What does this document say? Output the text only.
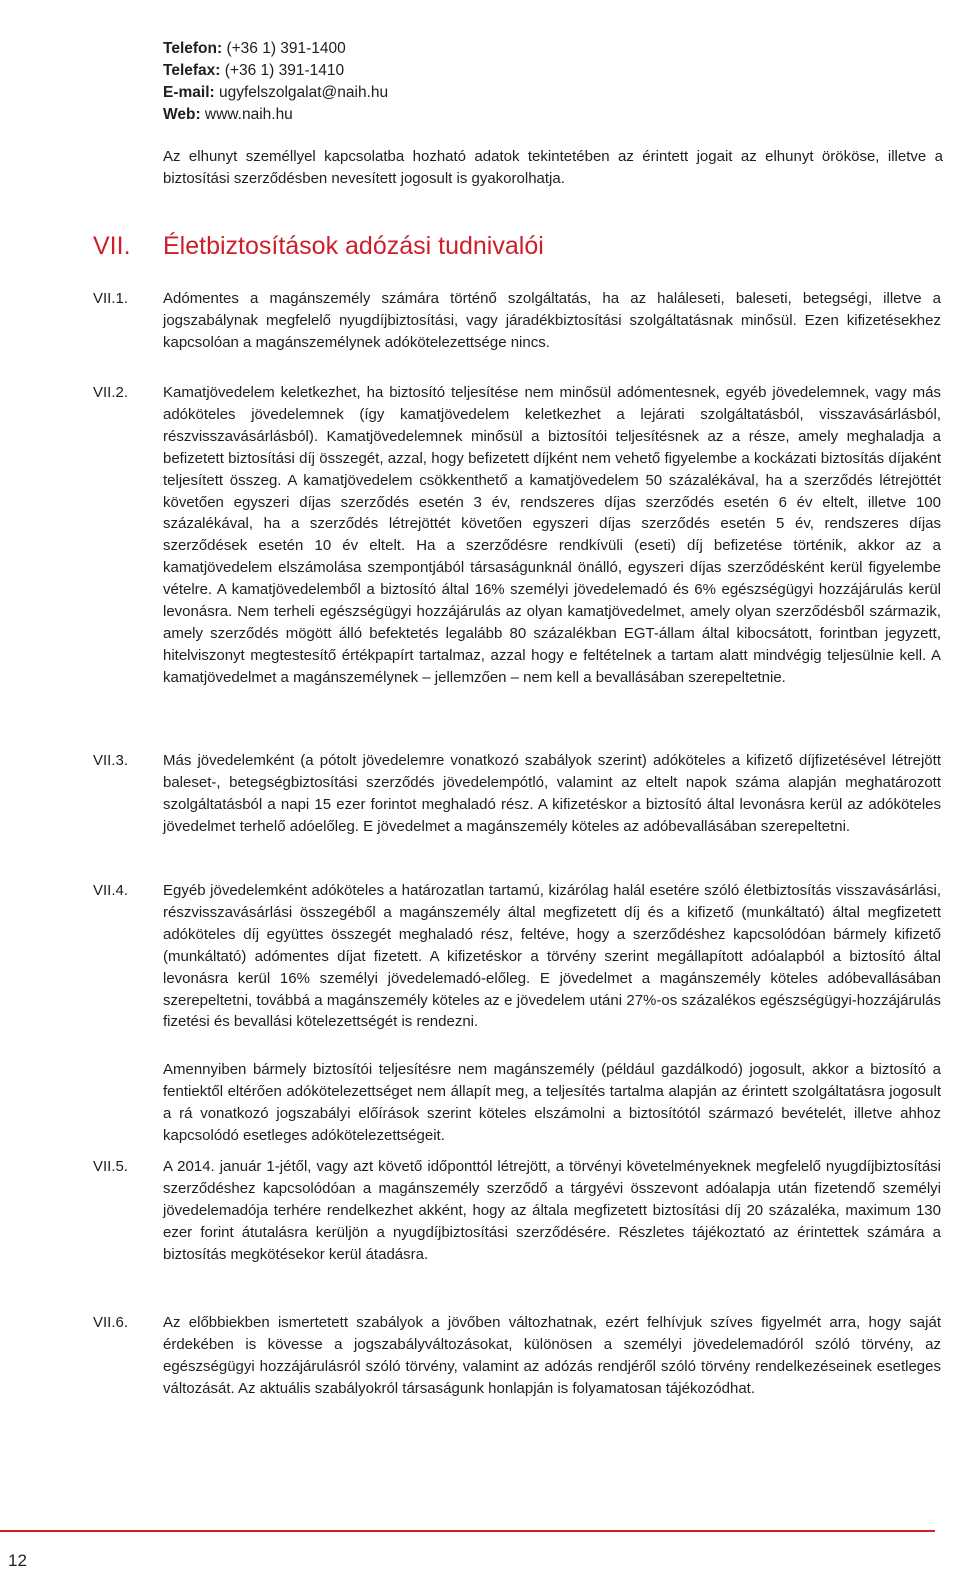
Telefon: (+36 1) 391-1400
Telefax: (+36 1) 391-1410
E-mail: ugyfelszolgalat@naih.hu
Web: www.naih.hu

Az elhunyt személlyel kapcsolatba hozható adatok tekintetében az érintett jogait az elhunyt örököse, illetve a biztosítási szerződésben nevesített jogosult is gyakorolhatja.

VII. Életbiztosítások adózási tudnivalói
VII.1. Adómentes a magánszemély számára történő szolgáltatás, ha az haláleseti, baleseti, betegségi, illetve a jogszabálynak megfelelő nyugdíjbiztosítási, vagy járadékbiztosítási szolgáltatásnak minősül. Ezen kifizetésekhez kapcsolóan a magánszemélynek adókötelezettsége nincs.

VII.2. Kamatjövedelem keletkezhet, ha biztosító teljesítése nem minősül adómentesnek, egyéb jövedelemnek, vagy más adóköteles jövedelemnek (így kamatjövedelem keletkezhet a lejárati szolgáltatásból, visszavásárlásból, részvisszavásárlásból). Kamatjövedelemnek minősül a biztosítói teljesítésnek az a része, amely meghaladja a befizetett biztosítási díj összegét, azzal, hogy befizetett díjként nem vehető figyelembe a kockázati biztosítás díjaként teljesített összeg. A kamatjövedelem csökkenthető a kamatjövedelem 50 százalékával, ha a szerződés létrejöttét követően egyszeri díjas szerződés esetén 3 év, rendszeres díjas szerződés esetén 6 év eltelt, illetve 100 százalékával, ha a szerződés létrejöttét követően egyszeri díjas szerződés esetén 5 év, rendszeres díjas szerződések esetén 10 év eltelt. Ha a szerződésre rendkívüli (eseti) díj befizetése történik, akkor az a kamatjövedelem elszámolása szempontjából társaságunknál önálló, egyszeri díjas szerződésként kerül figyelembe vételre. A kamatjövedelemből a biztosító által 16% személyi jövedelemadó és 6% egészségügyi hozzájárulás kerül levonásra. Nem terheli egészségügyi hozzájárulás az olyan kamatjövedelmet, amely olyan szerződésből származik, amely szerződés mögött álló befektetés legalább 80 százalékban EGT-állam által kibocsátott, forintban jegyzett, hitelviszonyt megtestesítő értékpapírt tartalmaz, azzal hogy e feltételnek a tartam alatt mindvégig teljesülnie kell. A kamatjövedelmet a magánszemélynek – jellemzően – nem kell a bevallásában szerepeltetnie.

VII.3. Más jövedelemként (a pótolt jövedelemre vonatkozó szabályok szerint) adóköteles a kifizető díjfizetésével létrejött baleset-, betegségbiztosítási szerződés jövedelempótló, valamint az eltelt napok száma alapján meghatározott szolgáltatásból a napi 15 ezer forintot meghaladó rész. A kifizetéskor a biztosító által levonásra kerül az adóköteles jövedelmet terhelő adóelőleg. E jövedelmet a magánszemély köteles az adóbevallásában szerepeltetni.

VII.4. Egyéb jövedelemként adóköteles a határozatlan tartamú, kizárólag halál esetére szóló életbiztosítás visszavásárlási, részvisszavásárlási összegéből a magánszemély által megfizetett díj és a kifizető (munkáltató) által megfizetett adóköteles díj együttes összegét meghaladó rész, feltéve, hogy a szerződéshez kapcsolódóan bármely kifizető (munkáltató) adómentes díjat fizetett. A kifizetéskor a törvény szerint megállapított adóalapból a biztosító által levonásra kerül 16% személyi jövedelemadó-előleg. E jövedelmet a magánszemély köteles adóbevallásában szerepeltetni, továbbá a magánszemély köteles az e jövedelem utáni 27%-os százalékos egészségügyi-hozzájárulás fizetési és bevallási kötelezettségét is rendezni.

Amennyiben bármely biztosítói teljesítésre nem magánszemély (például gazdálkodó) jogosult, akkor a biztosító a fentiektől eltérően adókötelezettséget nem állapít meg, a teljesítés tartalma alapján az érintett szolgáltatásra jogosult a rá vonatkozó jogszabályi előírások szerint köteles elszámolni a biztosítótól származó bevételét, illetve ahhoz kapcsolódó esetleges adókötelezettségeit.

VII.5. A 2014. január 1-jétől, vagy azt követő időponttól létrejött, a törvényi követelményeknek megfelelő nyugdíjbiztosítási szerződéshez kapcsolódóan a magánszemély szerződő a tárgyévi összevont adóalapja után fizetendő személyi jövedelemadója terhére rendelkezhet akként, hogy az általa megfizetett biztosítási díj 20 százaléka, maximum 130 ezer forint átutalásra kerüljön a nyugdíjbiztosítási szerződésére. Részletes tájékoztató az érintettek számára a biztosítás megkötésekor kerül átadásra.

VII.6. Az előbbiekben ismertetett szabályok a jövőben változhatnak, ezért felhívjuk szíves figyelmét arra, hogy saját érdekében is kövesse a jogszabályváltozásokat, különösen a személyi jövedelemadóról szóló törvény, az egészségügyi hozzájárulásról szóló törvény, valamint az adózás rendjéről szóló törvény rendelkezéseinek esetleges változását. Az aktuális szabályokról társaságunk honlapján is folyamatosan tájékozódhat.

12
